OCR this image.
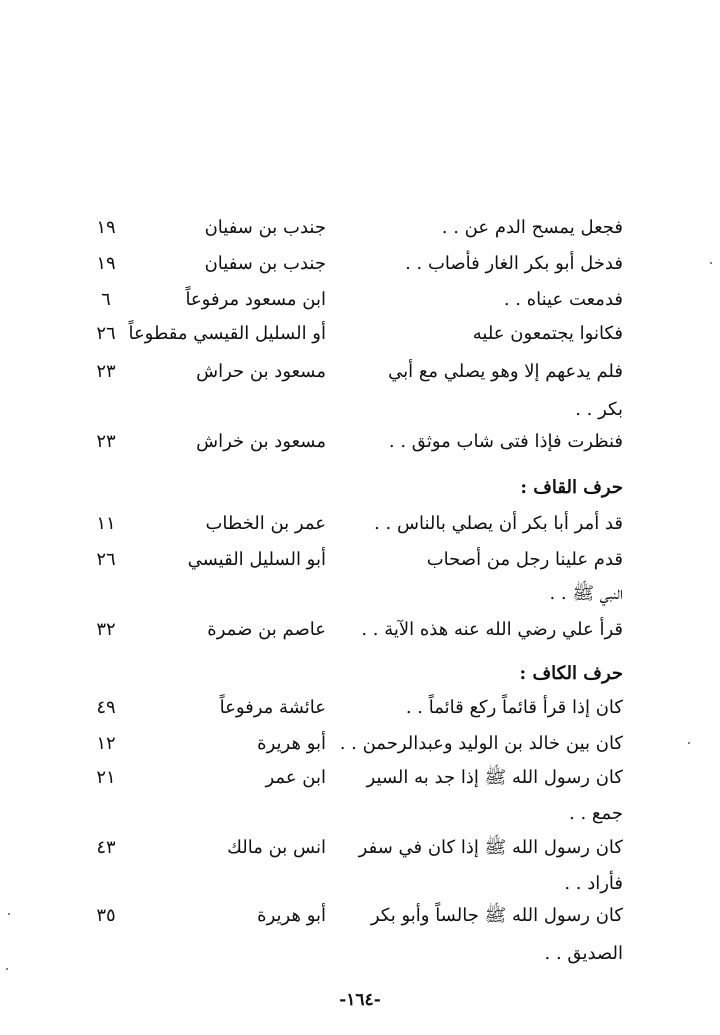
فجعل يمسح الدم عن . .
جندب بن سفيان
١٩
فدخل أبو بكر الغار فأصاب . .
جندب بن سفيان
١٩
فدمعت عيناه . .
ابن مسعود مرفوعاً
٦
فكانوا يجتمعون عليه
أو السليل القيسي مقطوعاً
٢٦
فلم يدعهم إلا وهو يصلي مع أبي
مسعود بن حراش
٢٣
بكر . .
فنظرت فإذا فتى شاب موثق . .
مسعود بن خراش
٢٣
حرف القاف :
قد أمر أبا بكر أن يصلي بالناس . .
عمر بن الخطاب
١١
قدم علينا رجل من أصحاب
أبو السليل القيسي
٢٦
النبي ﷺ . .
قرأ علي رضي الله عنه هذه الآية . .
عاصم بن ضمرة
٣٢
حرف الكاف :
كان إذا قرأ قائماً ركع قائماً . .
عائشة مرفوعاً
٤٩
كان بين خالد بن الوليد وعبدالرحمن . .
أبو هريرة
١٢
كان رسول الله ﷺ إذا جد به السير
ابن عمر
٢١
جمع . .
كان رسول الله ﷺ إذا كان في سفر
انس بن مالك
٤٣
فأراد . .
كان رسول الله ﷺ جالساً وأبو بكر
أبو هريرة
٣٥
الصديق . .
-١٦٤-
